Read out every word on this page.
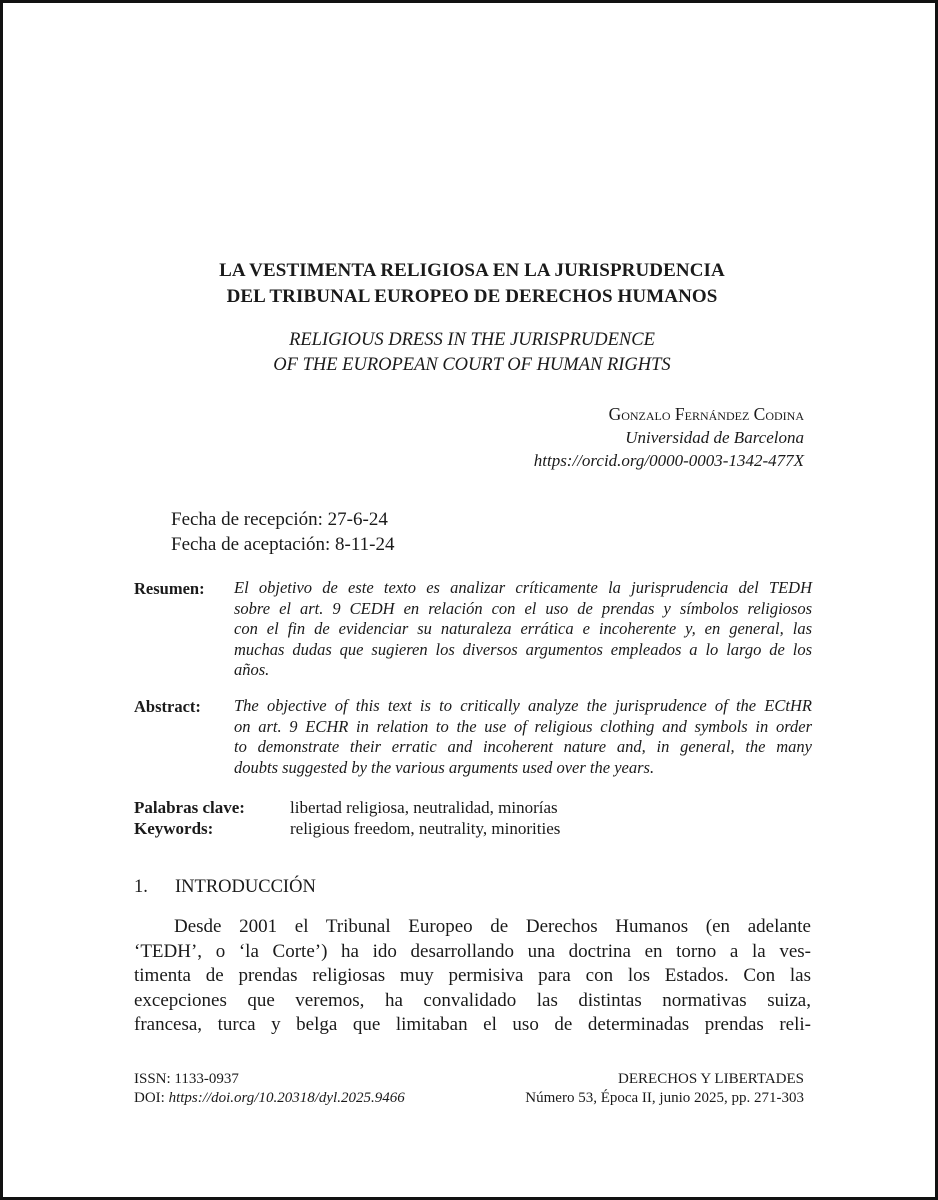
LA VESTIMENTA RELIGIOSA EN LA JURISPRUDENCIA
DEL TRIBUNAL EUROPEO DE DERECHOS HUMANOS
RELIGIOUS DRESS IN THE JURISPRUDENCE
OF THE EUROPEAN COURT OF HUMAN RIGHTS
Gonzalo Fernández Codina
Universidad de Barcelona
https://orcid.org/0000-0003-1342-477X
Fecha de recepción: 27-6-24
Fecha de aceptación: 8-11-24
Resumen: El objetivo de este texto es analizar críticamente la jurisprudencia del TEDH
sobre el art. 9 CEDH en relación con el uso de prendas y símbolos religiosos
con el fin de evidenciar su naturaleza errática e incoherente y, en general, las
muchas dudas que sugieren los diversos argumentos empleados a lo largo de los
años.
Abstract: The objective of this text is to critically analyze the jurisprudence of the ECtHR
on art. 9 ECHR in relation to the use of religious clothing and symbols in order
to demonstrate their erratic and incoherent nature and, in general, the many
doubts suggested by the various arguments used over the years.
Palabras clave:	libertad religiosa, neutralidad, minorías
Keywords:	religious freedom, neutrality, minorities
1. INTRODUCCIÓN
Desde 2001 el Tribunal Europeo de Derechos Humanos (en adelante
‘TEDH’, o ‘la Corte’) ha ido desarrollando una doctrina en torno a la ves-
timenta de prendas religiosas muy permisiva para con los Estados. Con las
excepciones que veremos, ha convalidado las distintas normativas suiza,
francesa, turca y belga que limitaban el uso de determinadas prendas reli-
ISSN: 1133-0937
DOI: https://doi.org/10.20318/dyl.2025.9466
DERECHOS Y LIBERTADES
Número 53, Época II, junio 2025, pp. 271-303
